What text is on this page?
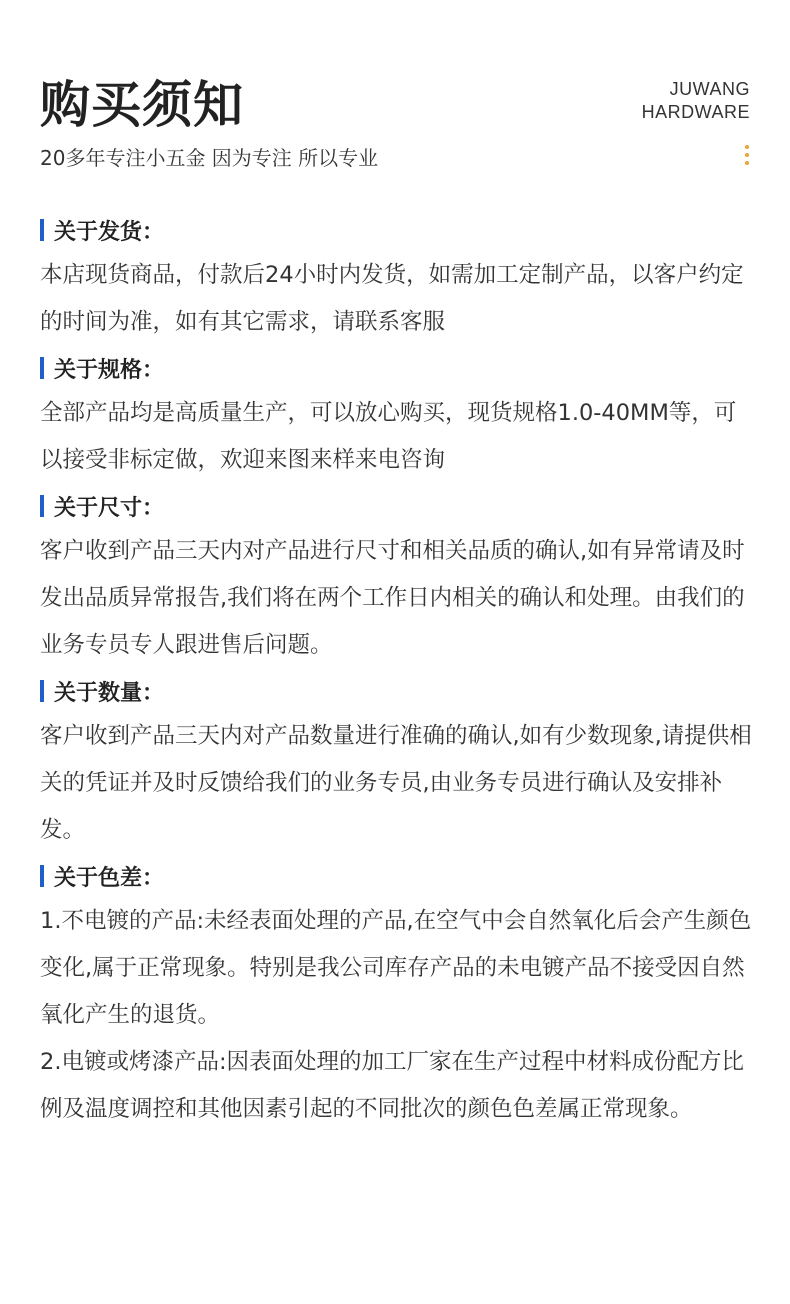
购买须知
20多年专注小五金 因为专注 所以专业
JUWANG
HARDWARE
关于发货：

本店现货商品，付款后24小时内发货，如需加工定制产品，以客户约定的时间为准，如有其它需求，请联系客服

关于规格：

全部产品均是高质量生产，可以放心购买，现货规格1.0-40MM等，可以接受非标定做，欢迎来图来样来电咨询

关于尺寸：

客户收到产品三天内对产品进行尺寸和相关品质的确认,如有异常请及时发出品质异常报告,我们将在两个工作日内相关的确认和处理。由我们的业务专员专人跟进售后问题。

关于数量：

客户收到产品三天内对产品数量进行准确的确认,如有少数现象,请提供相关的凭证并及时反馈给我们的业务专员,由业务专员进行确认及安排补发。

关于色差：

1.不电镀的产品:未经表面处理的产品,在空气中会自然氧化后会产生颜色变化,属于正常现象。特别是我公司库存产品的未电镀产品不接受因自然氧化产生的退货。

2.电镀或烤漆产品:因表面处理的加工厂家在生产过程中材料成份配方比例及温度调控和其他因素引起的不同批次的颜色色差属正常现象。
